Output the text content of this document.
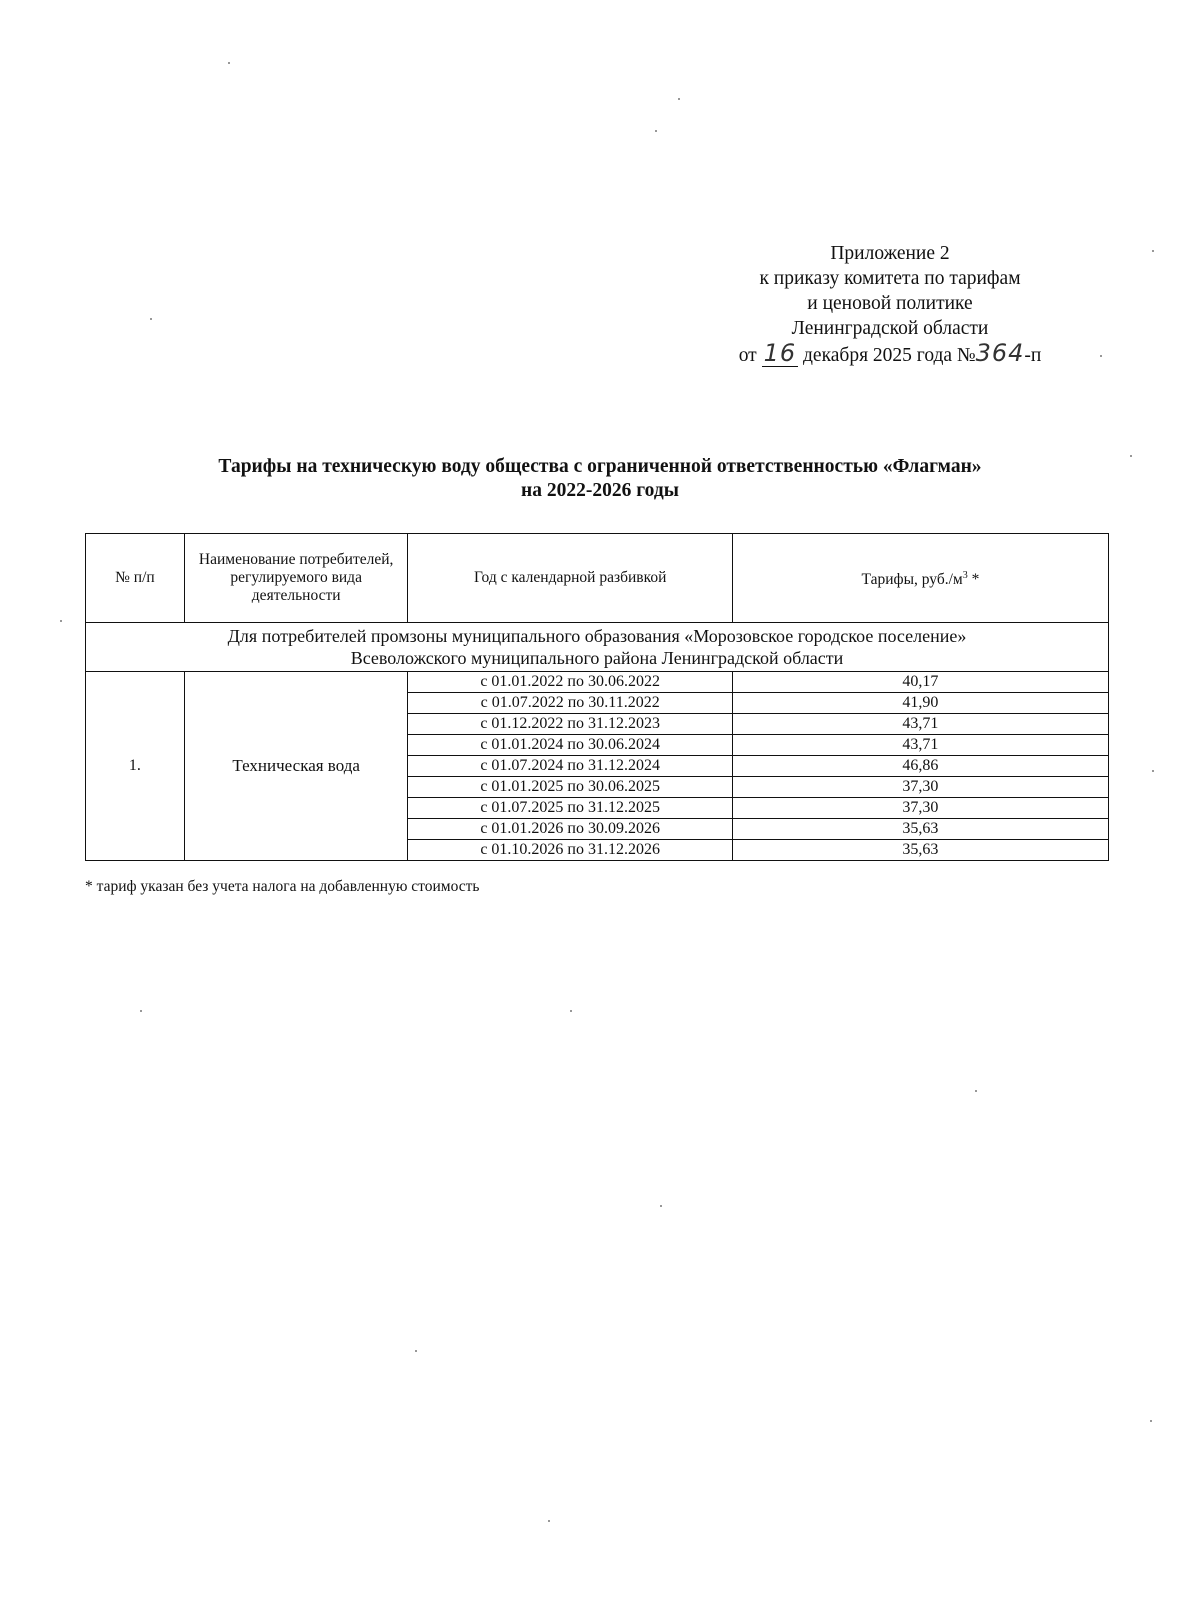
Приложение 2
к приказу комитета по тарифам
и ценовой политике
Ленинградской области
от 16 декабря 2025 года №364-п
Тарифы на техническую воду общества с ограниченной ответственностью «Флагман»
на 2022-2026 годы
№ п/п	Наименование потребителей, регулируемого вида деятельности	Год с календарной разбивкой	Тарифы, $руб./м^3$ *

Для потребителей промзоны муниципального образования «Морозовское городское поселение»
Всеволожского муниципального района Ленинградской области			

1.	Техническая вода	с 01.01.2022 по 30.06.2022	40,17
		с 01.07.2022 по 30.11.2022	41,90
		с 01.12.2022 по 31.12.2023	43,71
		с 01.01.2024 по 30.06.2024	43,71
		с 01.07.2024 по 31.12.2024	46,86
		с 01.01.2025 по 30.06.2025	37,30
		с 01.07.2025 по 31.12.2025	37,30
		с 01.01.2026 по 30.09.2026	35,63
		с 01.10.2026 по 31.12.2026	35,63
* тариф указан без учета налога на добавленную стоимость
